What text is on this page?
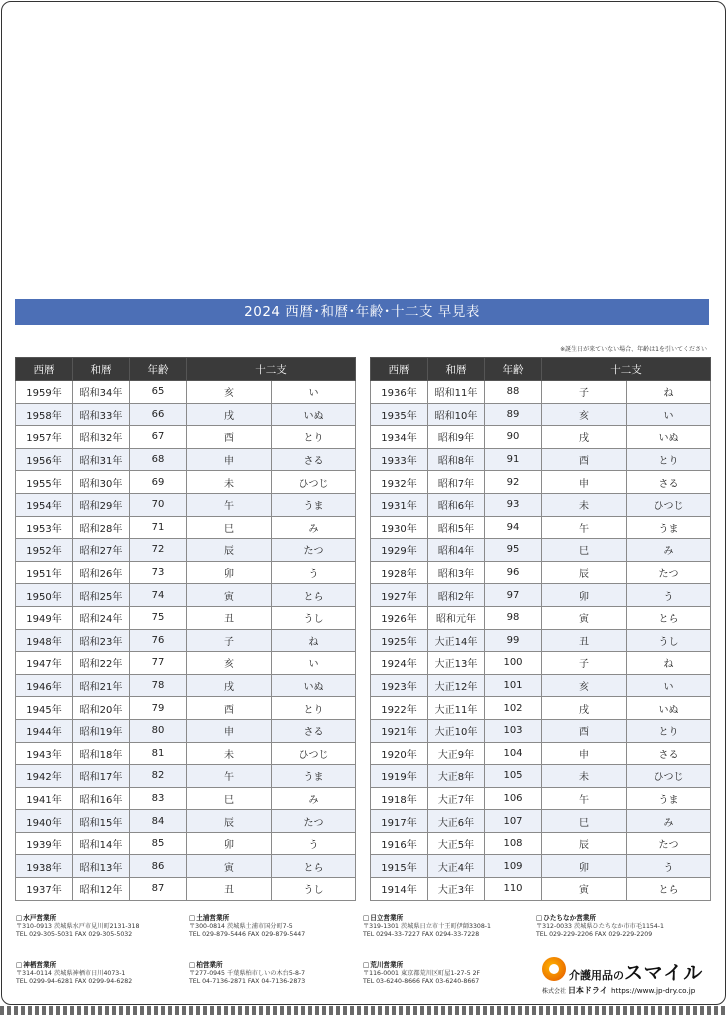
2024 西暦･和暦･年齢･十二支 早見表
※誕生日が来ていない場合、年齢は1を引いてください
西暦	和暦	年齢	十二支	
1959年	昭和34年	65	亥	い
1958年	昭和33年	66	戌	いぬ
1957年	昭和32年	67	酉	とり
1956年	昭和31年	68	申	さる
1955年	昭和30年	69	未	ひつじ
1954年	昭和29年	70	午	うま
1953年	昭和28年	71	巳	み
1952年	昭和27年	72	辰	たつ
1951年	昭和26年	73	卯	う
1950年	昭和25年	74	寅	とら
1949年	昭和24年	75	丑	うし
1948年	昭和23年	76	子	ね
1947年	昭和22年	77	亥	い
1946年	昭和21年	78	戌	いぬ
1945年	昭和20年	79	酉	とり
1944年	昭和19年	80	申	さる
1943年	昭和18年	81	未	ひつじ
1942年	昭和17年	82	午	うま
1941年	昭和16年	83	巳	み
1940年	昭和15年	84	辰	たつ
1939年	昭和14年	85	卯	う
1938年	昭和13年	86	寅	とら
1937年	昭和12年	87	丑	うし
西暦	和暦	年齢	十二支	
1936年	昭和11年	88	子	ね
1935年	昭和10年	89	亥	い
1934年	昭和9年	90	戌	いぬ
1933年	昭和8年	91	酉	とり
1932年	昭和7年	92	申	さる
1931年	昭和6年	93	未	ひつじ
1930年	昭和5年	94	午	うま
1929年	昭和4年	95	巳	み
1928年	昭和3年	96	辰	たつ
1927年	昭和2年	97	卯	う
1926年	昭和元年	98	寅	とら
1925年	大正14年	99	丑	うし
1924年	大正13年	100	子	ね
1923年	大正12年	101	亥	い
1922年	大正11年	102	戌	いぬ
1921年	大正10年	103	酉	とり
1920年	大正9年	104	申	さる
1919年	大正8年	105	未	ひつじ
1918年	大正7年	106	午	うま
1917年	大正6年	107	巳	み
1916年	大正5年	108	辰	たつ
1915年	大正4年	109	卯	う
1914年	大正3年	110	寅	とら
□ 水戸営業所
〒310-0913 茨城県水戸市見川町2131-318
TEL 029-305-5031 FAX 029-305-5032
□ 土浦営業所
〒300-0814 茨城県土浦市国分町7-5
TEL 029-879-5446 FAX 029-879-5447
□ 日立営業所
〒319-1301 茨城県日立市十王町伊師3308-1
TEL 0294-33-7227 FAX 0294-33-7228
□ ひたちなか営業所
〒312-0033 茨城県ひたちなか市市毛1154-1
TEL 029-229-2206 FAX 029-229-2209
□ 神栖営業所
〒314-0114 茨城県神栖市日川4073-1
TEL 0299-94-6281 FAX 0299-94-6282
□ 柏営業所
〒277-0945 千葉県柏市しいの木台5-8-7
TEL 04-7136-2871 FAX 04-7136-2873
□ 荒川営業所
〒116-0001 東京都荒川区町屋1-27-5 2F
TEL 03-6240-8666 FAX 03-6240-8667	介護用品のスマイル
株式会社 日本ドライ https://www.jp-dry.co.jp
